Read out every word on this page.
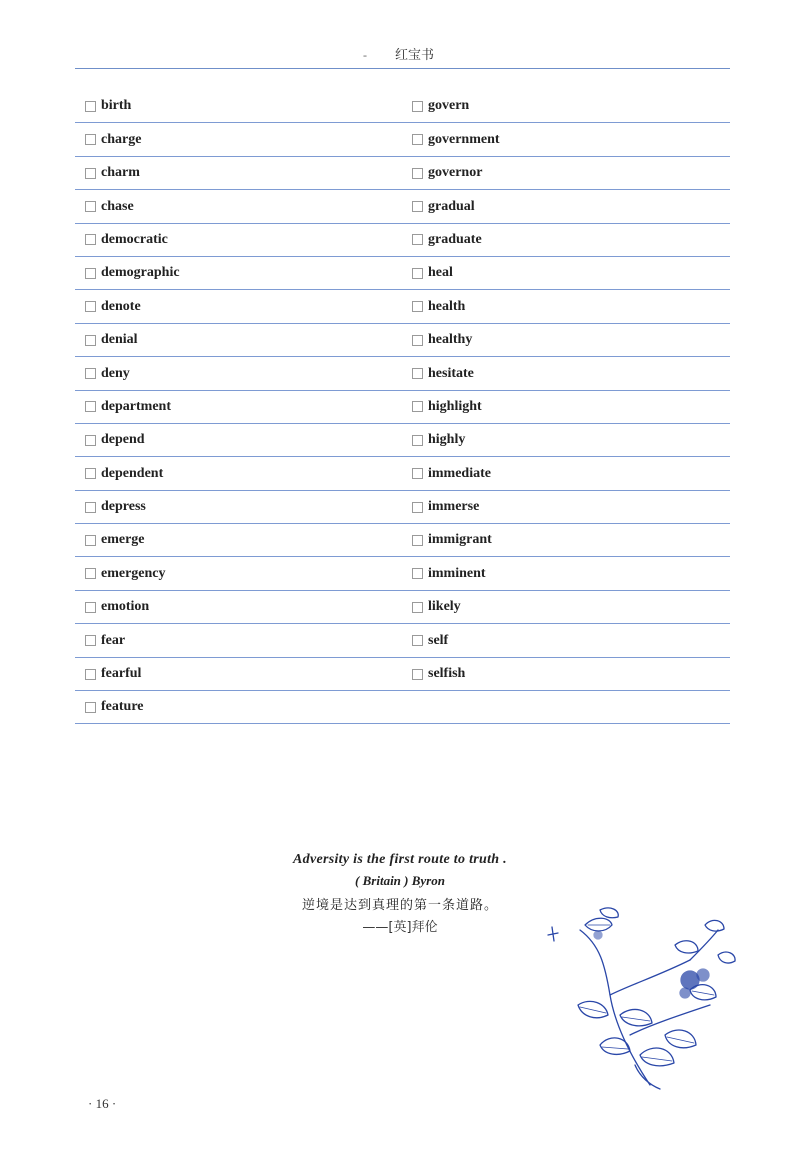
-	红宝书
birth	govern
charge	government
charm	governor
chase	gradual
democratic	graduate
demographic	heal
denote	health
denial	healthy
deny	hesitate
department	highlight
depend	highly
dependent	immediate
depress	immerse
emerge	immigrant
emergency	imminent
emotion	likely
fear	self
fearful	selfish
feature
Adversity is the first route to truth .
( Britain ) Byron
逆境是达到真理的第一条道路。
——[英]拜伦
· 16 ·
